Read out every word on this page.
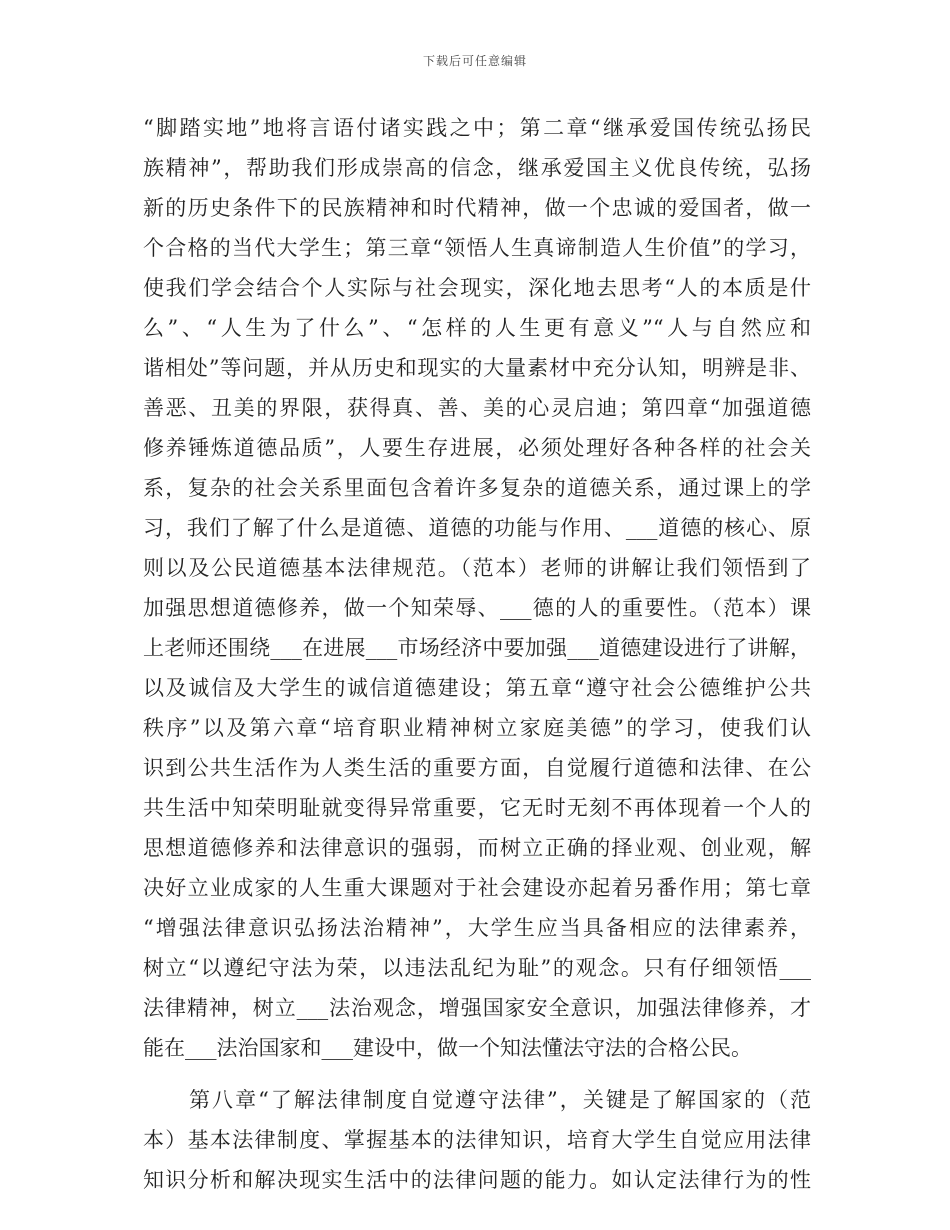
下载后可任意编辑
“脚踏实地”地将言语付诸实践之中；第二章“继承爱国传统弘扬民
族精神”，帮助我们形成崇高的信念，继承爱国主义优良传统，弘扬
新的历史条件下的民族精神和时代精神，做一个忠诚的爱国者，做一
个合格的当代大学生；第三章“领悟人生真谛制造人生价值”的学习，
使我们学会结合个人实际与社会现实，深化地去思考“人的本质是什
么”、“人生为了什么”、“怎样的人生更有意义”“人与自然应和
谐相处”等问题，并从历史和现实的大量素材中充分认知，明辨是非、
善恶、丑美的界限，获得真、善、美的心灵启迪；第四章“加强道德
修养锤炼道德品质”，人要生存进展，必须处理好各种各样的社会关
系，复杂的社会关系里面包含着许多复杂的道德关系，通过课上的学
习，我们了解了什么是道德、道德的功能与作用、___道德的核心、原
则以及公民道德基本法律规范。（范本）老师的讲解让我们领悟到了
加强思想道德修养，做一个知荣辱、___德的人的重要性。（范本）课
上老师还围绕___在进展___市场经济中要加强___道德建设进行了讲解，
以及诚信及大学生的诚信道德建设；第五章“遵守社会公德维护公共
秩序”以及第六章“培育职业精神树立家庭美德”的学习，使我们认
识到公共生活作为人类生活的重要方面，自觉履行道德和法律、在公
共生活中知荣明耻就变得异常重要，它无时无刻不再体现着一个人的
思想道德修养和法律意识的强弱，而树立正确的择业观、创业观，解
决好立业成家的人生重大课题对于社会建设亦起着另番作用；第七章
“增强法律意识弘扬法治精神”，大学生应当具备相应的法律素养，
树立“以遵纪守法为荣，以违法乱纪为耻”的观念。只有仔细领悟___
法律精神，树立___法治观念，增强国家安全意识，加强法律修养，才
能在___法治国家和___建设中，做一个知法懂法守法的合格公民。
　　第八章“了解法律制度自觉遵守法律”，关键是了解国家的（范
本）基本法律制度、掌握基本的法律知识，培育大学生自觉应用法律
知识分析和解决现实生活中的法律问题的能力。如认定法律行为的性
